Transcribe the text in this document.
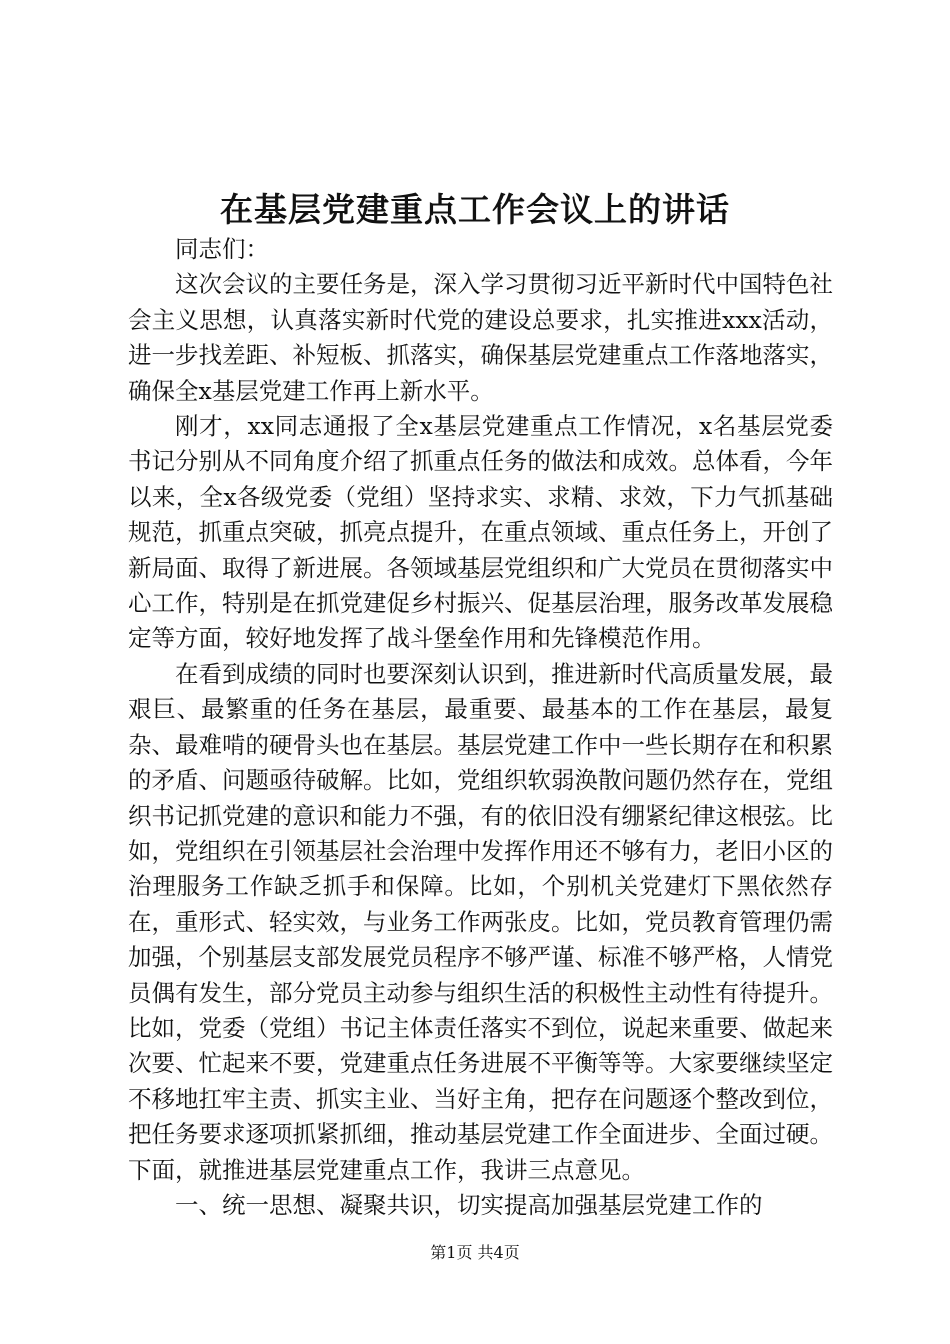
在基层党建重点工作会议上的讲话

同志们：

这次会议的主要任务是，深入学习贯彻习近平新时代中国特色社会主义思想，认真落实新时代党的建设总要求，扎实推进xxx活动，进一步找差距、补短板、抓落实，确保基层党建重点工作落地落实，确保全x基层党建工作再上新水平。

刚才，xx同志通报了全x基层党建重点工作情况，x名基层党委书记分别从不同角度介绍了抓重点任务的做法和成效。总体看，今年以来，全x各级党委（党组）坚持求实、求精、求效，下力气抓基础规范，抓重点突破，抓亮点提升，在重点领域、重点任务上，开创了新局面、取得了新进展。各领域基层党组织和广大党员在贯彻落实中心工作，特别是在抓党建促乡村振兴、促基层治理，服务改革发展稳定等方面，较好地发挥了战斗堡垒作用和先锋模范作用。

在看到成绩的同时也要深刻认识到，推进新时代高质量发展，最艰巨、最繁重的任务在基层，最重要、最基本的工作在基层，最复杂、最难啃的硬骨头也在基层。基层党建工作中一些长期存在和积累的矛盾、问题亟待破解。比如，党组织软弱涣散问题仍然存在，党组织书记抓党建的意识和能力不强，有的依旧没有绷紧纪律这根弦。比如，党组织在引领基层社会治理中发挥作用还不够有力，老旧小区的治理服务工作缺乏抓手和保障。比如，个别机关党建灯下黑依然存在，重形式、轻实效，与业务工作两张皮。比如，党员教育管理仍需加强，个别基层支部发展党员程序不够严谨、标准不够严格，人情党员偶有发生，部分党员主动参与组织生活的积极性主动性有待提升。比如，党委（党组）书记主体责任落实不到位，说起来重要、做起来次要、忙起来不要，党建重点任务进展不平衡等等。大家要继续坚定不移地扛牢主责、抓实主业、当好主角，把存在问题逐个整改到位，把任务要求逐项抓紧抓细，推动基层党建工作全面进步、全面过硬。下面，就推进基层党建重点工作，我讲三点意见。

一、统一思想、凝聚共识，切实提高加强基层党建工作的

第1页 共4页
